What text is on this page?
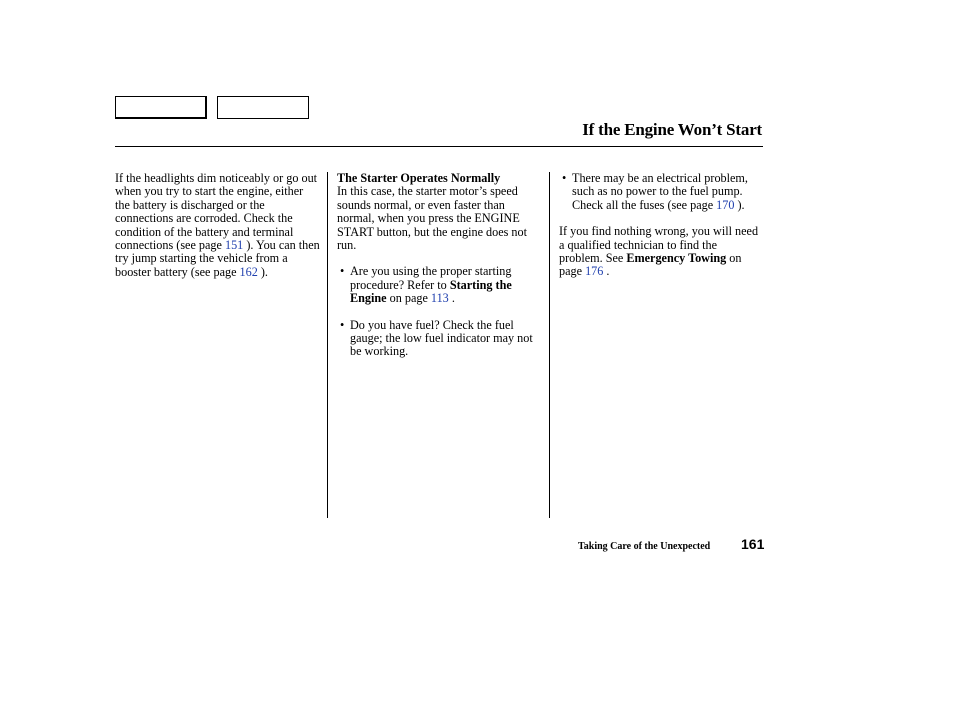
If the Engine Won’t Start

If the headlights dim noticeably or go out when you try to start the engine, either the battery is discharged or the connections are corroded. Check the condition of the battery and terminal connections (see page 151 ). You can then try jump starting the vehicle from a booster battery (see page 162 ).

The Starter Operates Normally

In this case, the starter motor’s speed sounds normal, or even faster than normal, when you press the ENGINE START button, but the engine does not run.

• Are you using the proper starting procedure? Refer to Starting the Engine on page 113 .

• Do you have fuel? Check the fuel gauge; the low fuel indicator may not be working.

• There may be an electrical problem, such as no power to the fuel pump. Check all the fuses (see page 170 ).

If you find nothing wrong, you will need a qualified technician to find the problem. See Emergency Towing on page 176 .

Taking Care of the Unexpected 161
